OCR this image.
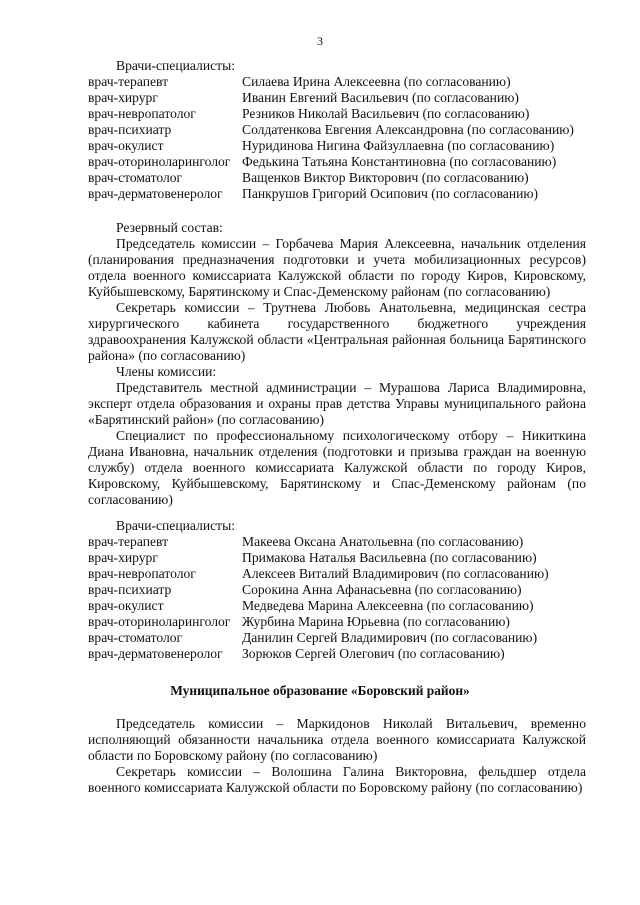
3
Врачи-специалисты:
врач-терапевт	Силаева Ирина Алексеевна (по согласованию)
врач-хирург	Иванин Евгений Васильевич (по согласованию)
врач-невропатолог	Резников Николай Васильевич (по согласованию)
врач-психиатр	Солдатенкова Евгения Александровна (по согласованию)
врач-окулист	Нуридинова Нигина Файзуллаевна (по согласованию)
врач-оториноларинголог Федькина Татьяна Константиновна (по согласованию)
врач-стоматолог	Ващенков Виктор Викторович (по согласованию)
врач-дерматовенеролог	Панкрушов Григорий Осипович (по согласованию)
Резервный состав:

Председатель комиссии – Горбачева Мария Алексеевна, начальник отделения (планирования предназначения подготовки и учета мобилизационных ресурсов) отдела военного комиссариата Калужской области по городу Киров, Кировскому, Куйбышевскому, Барятинскому и Спас-Деменскому районам (по согласованию)

Секретарь комиссии – Трутнева Любовь Анатольевна, медицинская сестра хирургического кабинета государственного бюджетного учреждения здравоохранения Калужской области «Центральная районная больница Барятинского района» (по согласованию)

Члены комиссии:

Представитель местной администрации – Мурашова Лариса Владимировна, эксперт отдела образования и охраны прав детства Управы муниципального района «Барятинский район» (по согласованию)

Специалист по профессиональному психологическому отбору – Никиткина Диана Ивановна, начальник отделения (подготовки и призыва граждан на военную службу) отдела военного комиссариата Калужской области по городу Киров, Кировскому, Куйбышевскому, Барятинскому и Спас-Деменскому районам (по согласованию)

Врачи-специалисты:
врач-терапевт	Макеева Оксана Анатольевна (по согласованию)
врач-хирург	Примакова Наталья Васильевна (по согласованию)
врач-невропатолог	Алексеев Виталий Владимирович (по согласованию)
врач-психиатр	Сорокина Анна Афанасьевна (по согласованию)
врач-окулист	Медведева Марина Алексеевна (по согласованию)
врач-оториноларинголог Журбина Марина Юрьевна (по согласованию)
врач-стоматолог	Данилин Сергей Владимирович (по согласованию)
врач-дерматовенеролог	Зорюков Сергей Олегович (по согласованию)
Муниципальное образование «Боровский район»

Председатель комиссии – Маркидонов Николай Витальевич, временно исполняющий обязанности начальника отдела военного комиссариата Калужской области по Боровскому району (по согласованию)

Секретарь комиссии – Волошина Галина Викторовна, фельдшер отдела военного комиссариата Калужской области по Боровскому району (по согласованию)
